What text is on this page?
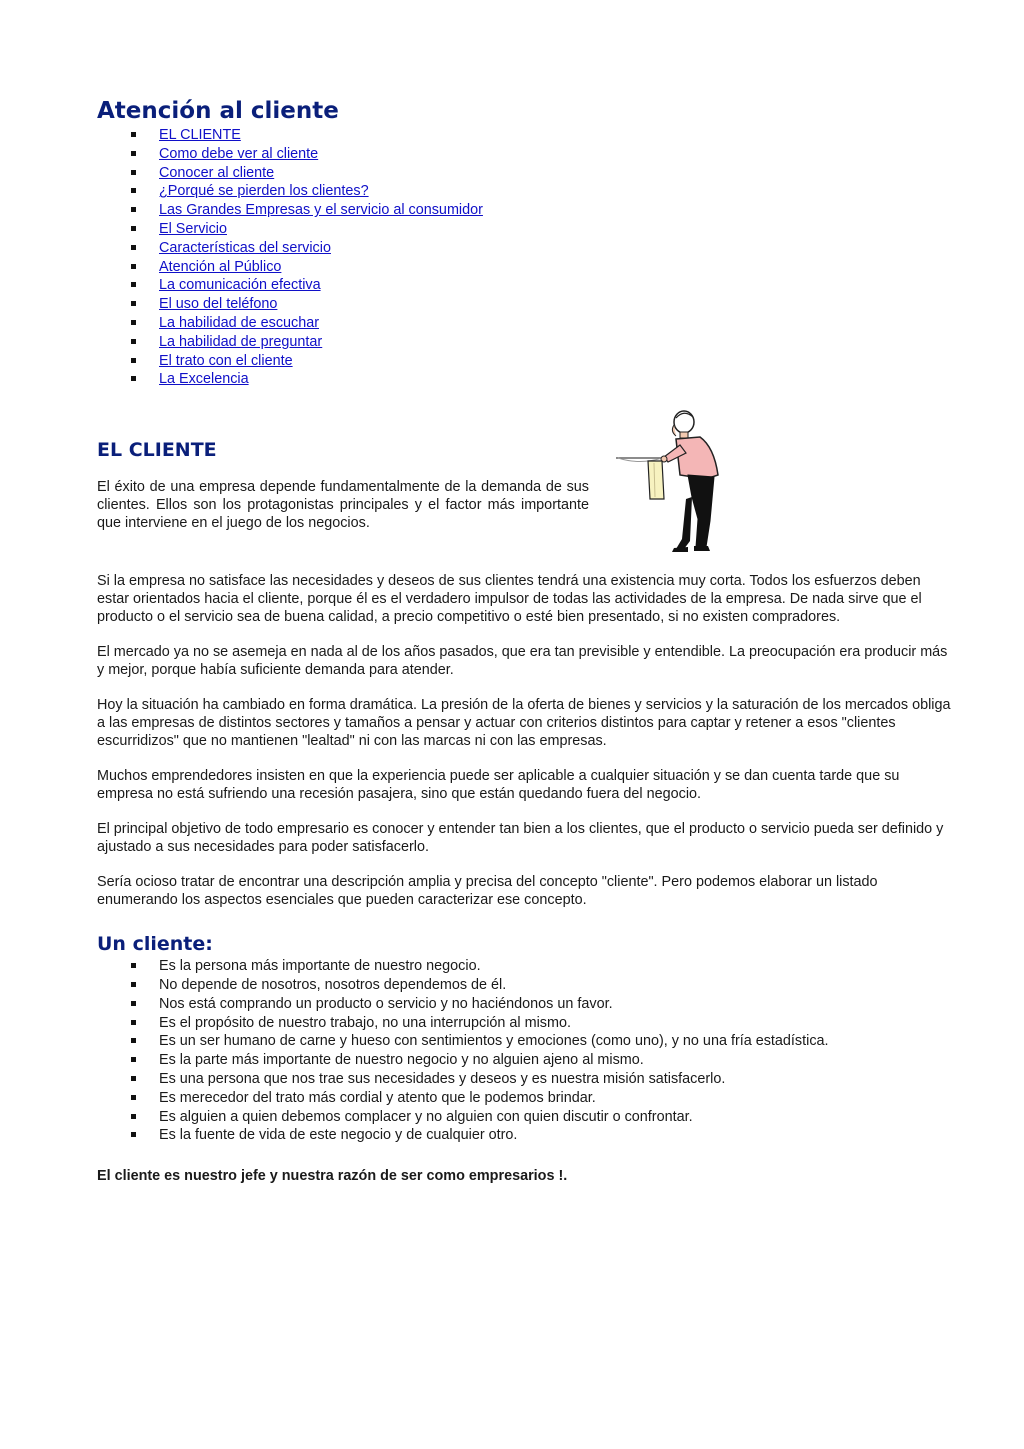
Atención al cliente
EL CLIENTE
Como debe ver al cliente
Conocer al cliente
¿Porqué se pierden los clientes?
Las Grandes Empresas y el servicio al consumidor
El Servicio
Características del servicio
Atención al Público
La comunicación efectiva
El uso del teléfono
La habilidad de escuchar
La habilidad de preguntar
El trato con el cliente
La Excelencia
EL CLIENTE

El éxito de una empresa depende fundamentalmente de la demanda de sus clientes. Ellos son los protagonistas principales y el factor más importante que interviene en el juego de los negocios.

Si la empresa no satisface las necesidades y deseos de sus clientes tendrá una existencia muy corta. Todos los esfuerzos deben estar orientados hacia el cliente, porque él es el verdadero impulsor de todas las actividades de la empresa. De nada sirve que el producto o el servicio sea de buena calidad, a precio competitivo o esté bien presentado, si no existen compradores.

El mercado ya no se asemeja en nada al de los años pasados, que era tan previsible y entendible. La preocupación era producir más y mejor, porque había suficiente demanda para atender.

Hoy la situación ha cambiado en forma dramática. La presión de la oferta de bienes y servicios y la saturación de los mercados obliga a las empresas de distintos sectores y tamaños a pensar y actuar con criterios distintos para captar y retener a esos "clientes escurridizos" que no mantienen "lealtad" ni con las marcas ni con las empresas.

Muchos emprendedores insisten en que la experiencia puede ser aplicable a cualquier situación y se dan cuenta tarde que su empresa no está sufriendo una recesión pasajera, sino que están quedando fuera del negocio.

El principal objetivo de todo empresario es conocer y entender tan bien a los clientes, que el producto o servicio pueda ser definido y ajustado a sus necesidades para poder satisfacerlo.

Sería ocioso tratar de encontrar una descripción amplia y precisa del concepto "cliente". Pero podemos elaborar un listado enumerando los aspectos esenciales que pueden caracterizar ese concepto.

Un cliente:
Es la persona más importante de nuestro negocio.
No depende de nosotros, nosotros dependemos de él.
Nos está comprando un producto o servicio y no haciéndonos un favor.
Es el propósito de nuestro trabajo, no una interrupción al mismo.
Es un ser humano de carne y hueso con sentimientos y emociones (como uno), y no una fría estadística.
Es la parte más importante de nuestro negocio y no alguien ajeno al mismo.
Es una persona que nos trae sus necesidades y deseos y es nuestra misión satisfacerlo.
Es merecedor del trato más cordial y atento que le podemos brindar.
Es alguien a quien debemos complacer y no alguien con quien discutir o confrontar.
Es la fuente de vida de este negocio y de cualquier otro.

El cliente es nuestro jefe y nuestra razón de ser como empresarios !.
